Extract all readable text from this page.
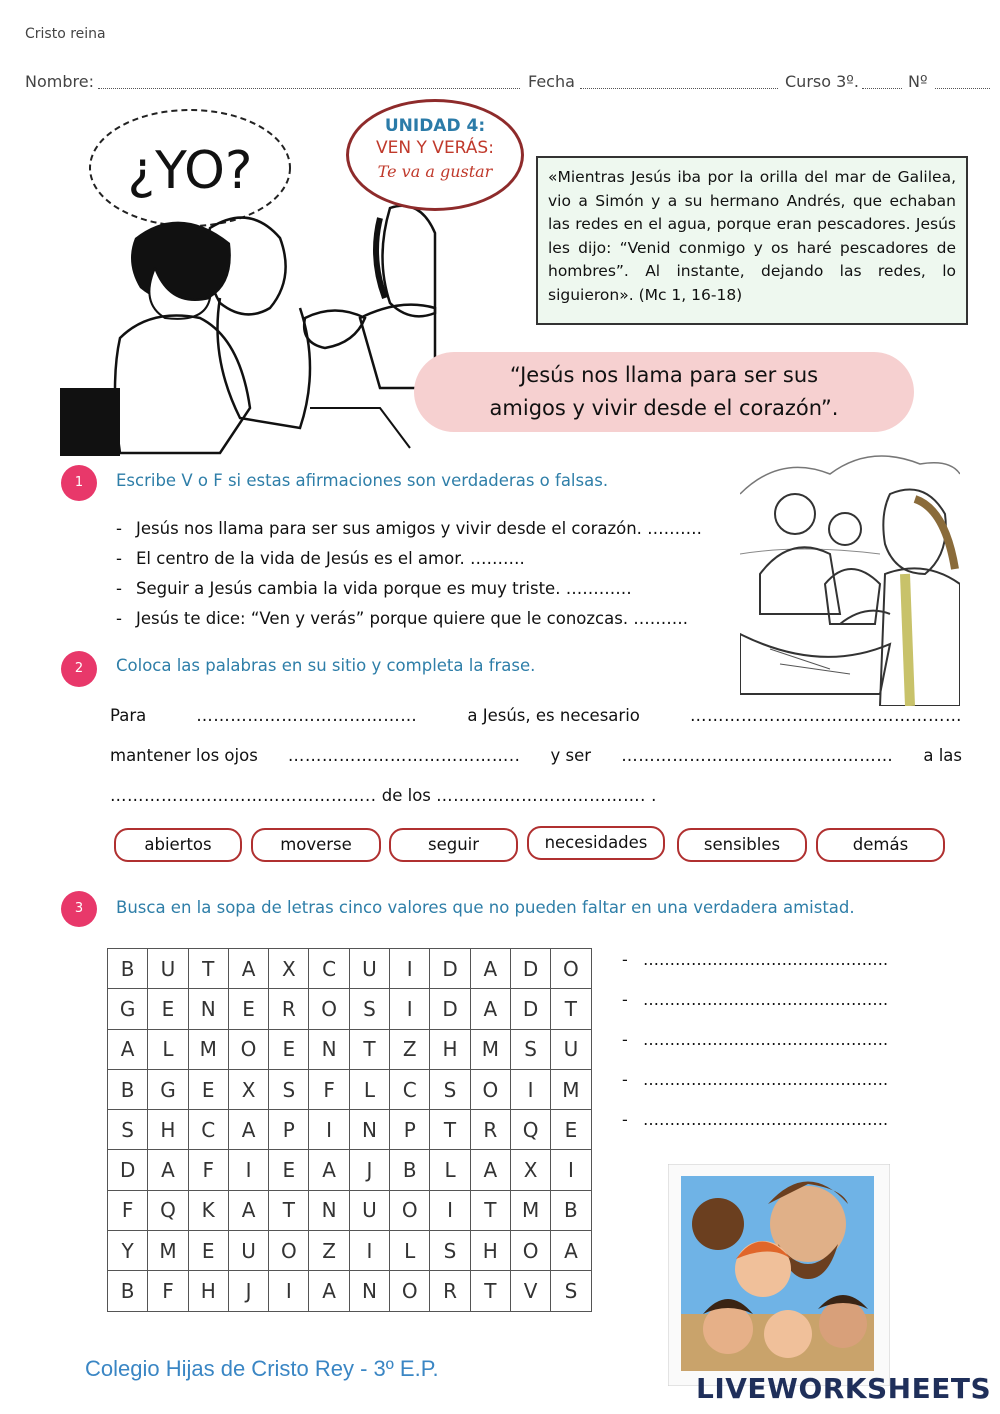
Cristo reina
Nombre:	Fecha	Curso 3º.	Nº
¿YO?
UNIDAD 4:
VEN Y VERÁS:
Te va a gustar	«Mientras Jesús iba por la orilla del mar de Galilea, vio a Simón y a su hermano Andrés, que echaban las redes en el agua, porque eran pescadores. Jesús les dijo: “Venid conmigo y os haré pescadores de hombres”. Al instante, dejando las redes, lo siguieron». (Mc 1, 16-18)
“Jesús nos llama para ser sus
amigos y vivir desde el corazón”.
1	Escribe V o F si estas afirmaciones son verdaderas o falsas.
- Jesús nos llama para ser sus amigos y vivir desde el corazón. ……….
- El centro de la vida de Jesús es el amor. ……….
- Seguir a Jesús cambia la vida porque es muy triste. …………
- Jesús te dice: “Ven y verás” porque quiere que le conozcas. ……….
2	Coloca las palabras en su sitio y completa la frase.
Para	…………………………………	a Jesús, es necesario	…………………………………………
mantener los ojos ………………………………….. y ser ………………………………………… a las
……………………………………….. de los ………………………………. .
abiertos	moverse	seguir	necesidades	sensibles	demás
3	Busca en la sopa de letras cinco valores que no pueden faltar en una verdadera amistad.
B	U	T	A	X	C	U	I	D	A	D	O
G	E	N	E	R	O	S	I	D	A	D	T
A	L	M	O	E	N	T	Z	H	M	S	U
B	G	E	X	S	F	L	C	S	O	I	M
S	H	C	A	P	I	N	P	T	R	Q	E
D	A	F	I	E	A	J	B	L	A	X	I
F	Q	K	A	T	N	U	O	I	T	M	B
Y	M	E	U	O	Z	I	L	S	H	O	A
B	F	H	J	I	A	N	O	R	T	V	S
- ……………………………………….
- ……………………………………….
- ……………………………………….
- ……………………………………….
- ……………………………………….
Colegio Hijas de Cristo Rey - 3º E.P.
LIVEWORKSHEETS
